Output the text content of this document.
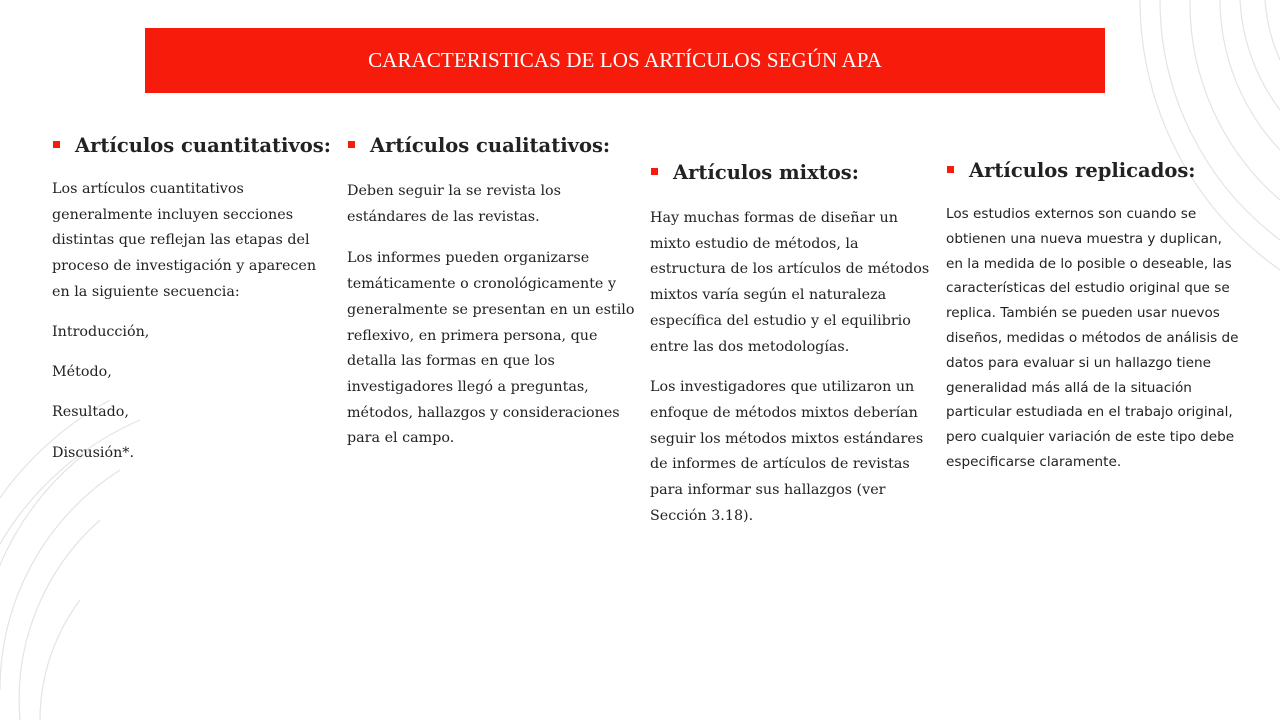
CARACTERISTICAS DE LOS ARTÍCULOS SEGÚN APA
Artículos cuantitativos:

Los artículos cuantitativos generalmente incluyen secciones distintas que reflejan las etapas del proceso de investigación y aparecen en la siguiente secuencia:

Introducción,

Método,

Resultado,

Discusión*.

Artículos cualitativos:

Deben seguir la se revista los estándares de las revistas.

Los informes pueden organizarse temáticamente o cronológicamente y generalmente se presentan en un estilo reflexivo, en primera persona, que detalla las formas en que los investigadores llegó a preguntas, métodos, hallazgos y consideraciones para el campo.

Artículos mixtos:

Hay muchas formas de diseñar un mixto estudio de métodos, la estructura de los artículos de métodos mixtos varía según el naturaleza específica del estudio y el equilibrio entre las dos metodologías.

Los investigadores que utilizaron un enfoque de métodos mixtos deberían seguir los métodos mixtos estándares de informes de artículos de revistas para informar sus hallazgos (ver Sección 3.18).

Artículos replicados:

Los estudios externos son cuando se obtienen una nueva muestra y duplican, en la medida de lo posible o deseable, las características del estudio original que se replica. También se pueden usar nuevos diseños, medidas o métodos de análisis de datos para evaluar si un hallazgo tiene generalidad más allá de la situación particular estudiada en el trabajo original, pero cualquier variación de este tipo debe especificarse claramente.
